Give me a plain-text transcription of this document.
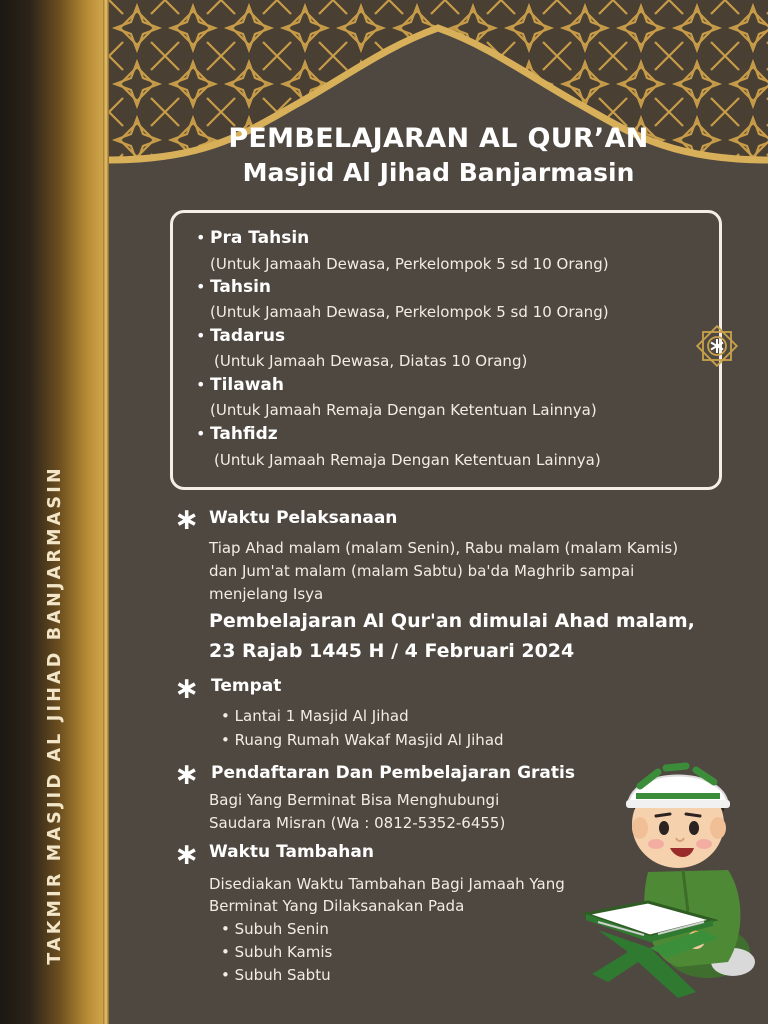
TAKMIR MASJID AL JIHAD BANJARMASIN
PEMBELAJARAN AL QUR’AN
Masjid Al Jihad Banjarmasin
• Pra Tahsin
(Untuk Jamaah Dewasa, Perkelompok 5 sd 10 Orang)
• Tahsin
(Untuk Jamaah Dewasa, Perkelompok 5 sd 10 Orang)
• Tadarus
(Untuk Jamaah Dewasa, Diatas 10 Orang)
• Tilawah
(Untuk Jamaah Remaja Dengan Ketentuan Lainnya)
• Tahfidz
(Untuk Jamaah Remaja Dengan Ketentuan Lainnya)
∗ Waktu Pelaksanaan
Tiap Ahad malam (malam Senin), Rabu malam (malam Kamis)
dan Jum'at malam (malam Sabtu) ba'da Maghrib sampai
menjelang Isya
Pembelajaran Al Qur'an dimulai Ahad malam,
23 Rajab 1445 H / 4 Februari 2024
∗ Tempat
• Lantai 1 Masjid Al Jihad
• Ruang Rumah Wakaf Masjid Al Jihad
∗ Pendaftaran Dan Pembelajaran Gratis
Bagi Yang Berminat Bisa Menghubungi
Saudara Misran (Wa : 0812-5352-6455)
∗ Waktu Tambahan
Disediakan Waktu Tambahan Bagi Jamaah Yang
Berminat Yang Dilaksanakan Pada
• Subuh Senin
• Subuh Kamis
• Subuh Sabtu
